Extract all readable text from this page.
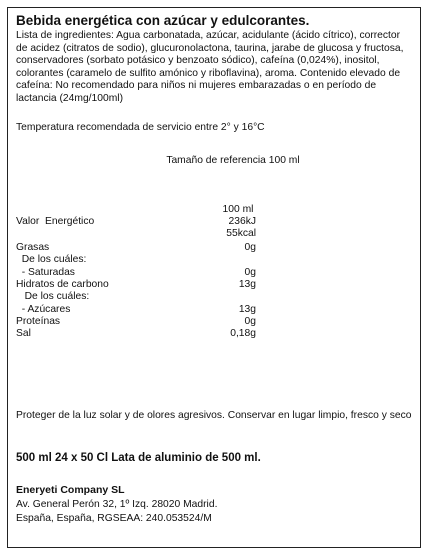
Bebida energética con azúcar y edulcorantes.
Lista de ingredientes: Agua carbonatada, azúcar, acidulante (ácido cítrico), corrector de acidez (citratos de sodio), glucuronolactona, taurina, jarabe de glucosa y fructosa, conservadores (sorbato potásico y benzoato sódico), cafeína (0,024%), inositol, colorantes (caramelo de sulfito amónico y riboflavina), aroma. Contenido elevado de cafeína: No recomendado para niños ni mujeres embarazadas o en período de lactancia (24mg/100ml)
Temperatura recomendada de servicio entre 2° y 16°C
Tamaño de referencia 100 ml
100 ml
Valor  Energético	236kJ
55kcal
Grasas	0g
De los cuáles:
- Saturadas	0g
Hidratos de carbono	13g
De los cuáles:
- Azúcares	13g
Proteínas	0g
Sal	0,18g
Proteger de la luz solar y de olores agresivos. Conservar en lugar limpio, fresco y seco
500 ml 24 x 50 Cl Lata de aluminio de 500 ml.
Eneryeti Company SL
Av. General Perón 32, 1º Izq. 28020 Madrid.
España, España, RGSEAA: 240.053524/M
